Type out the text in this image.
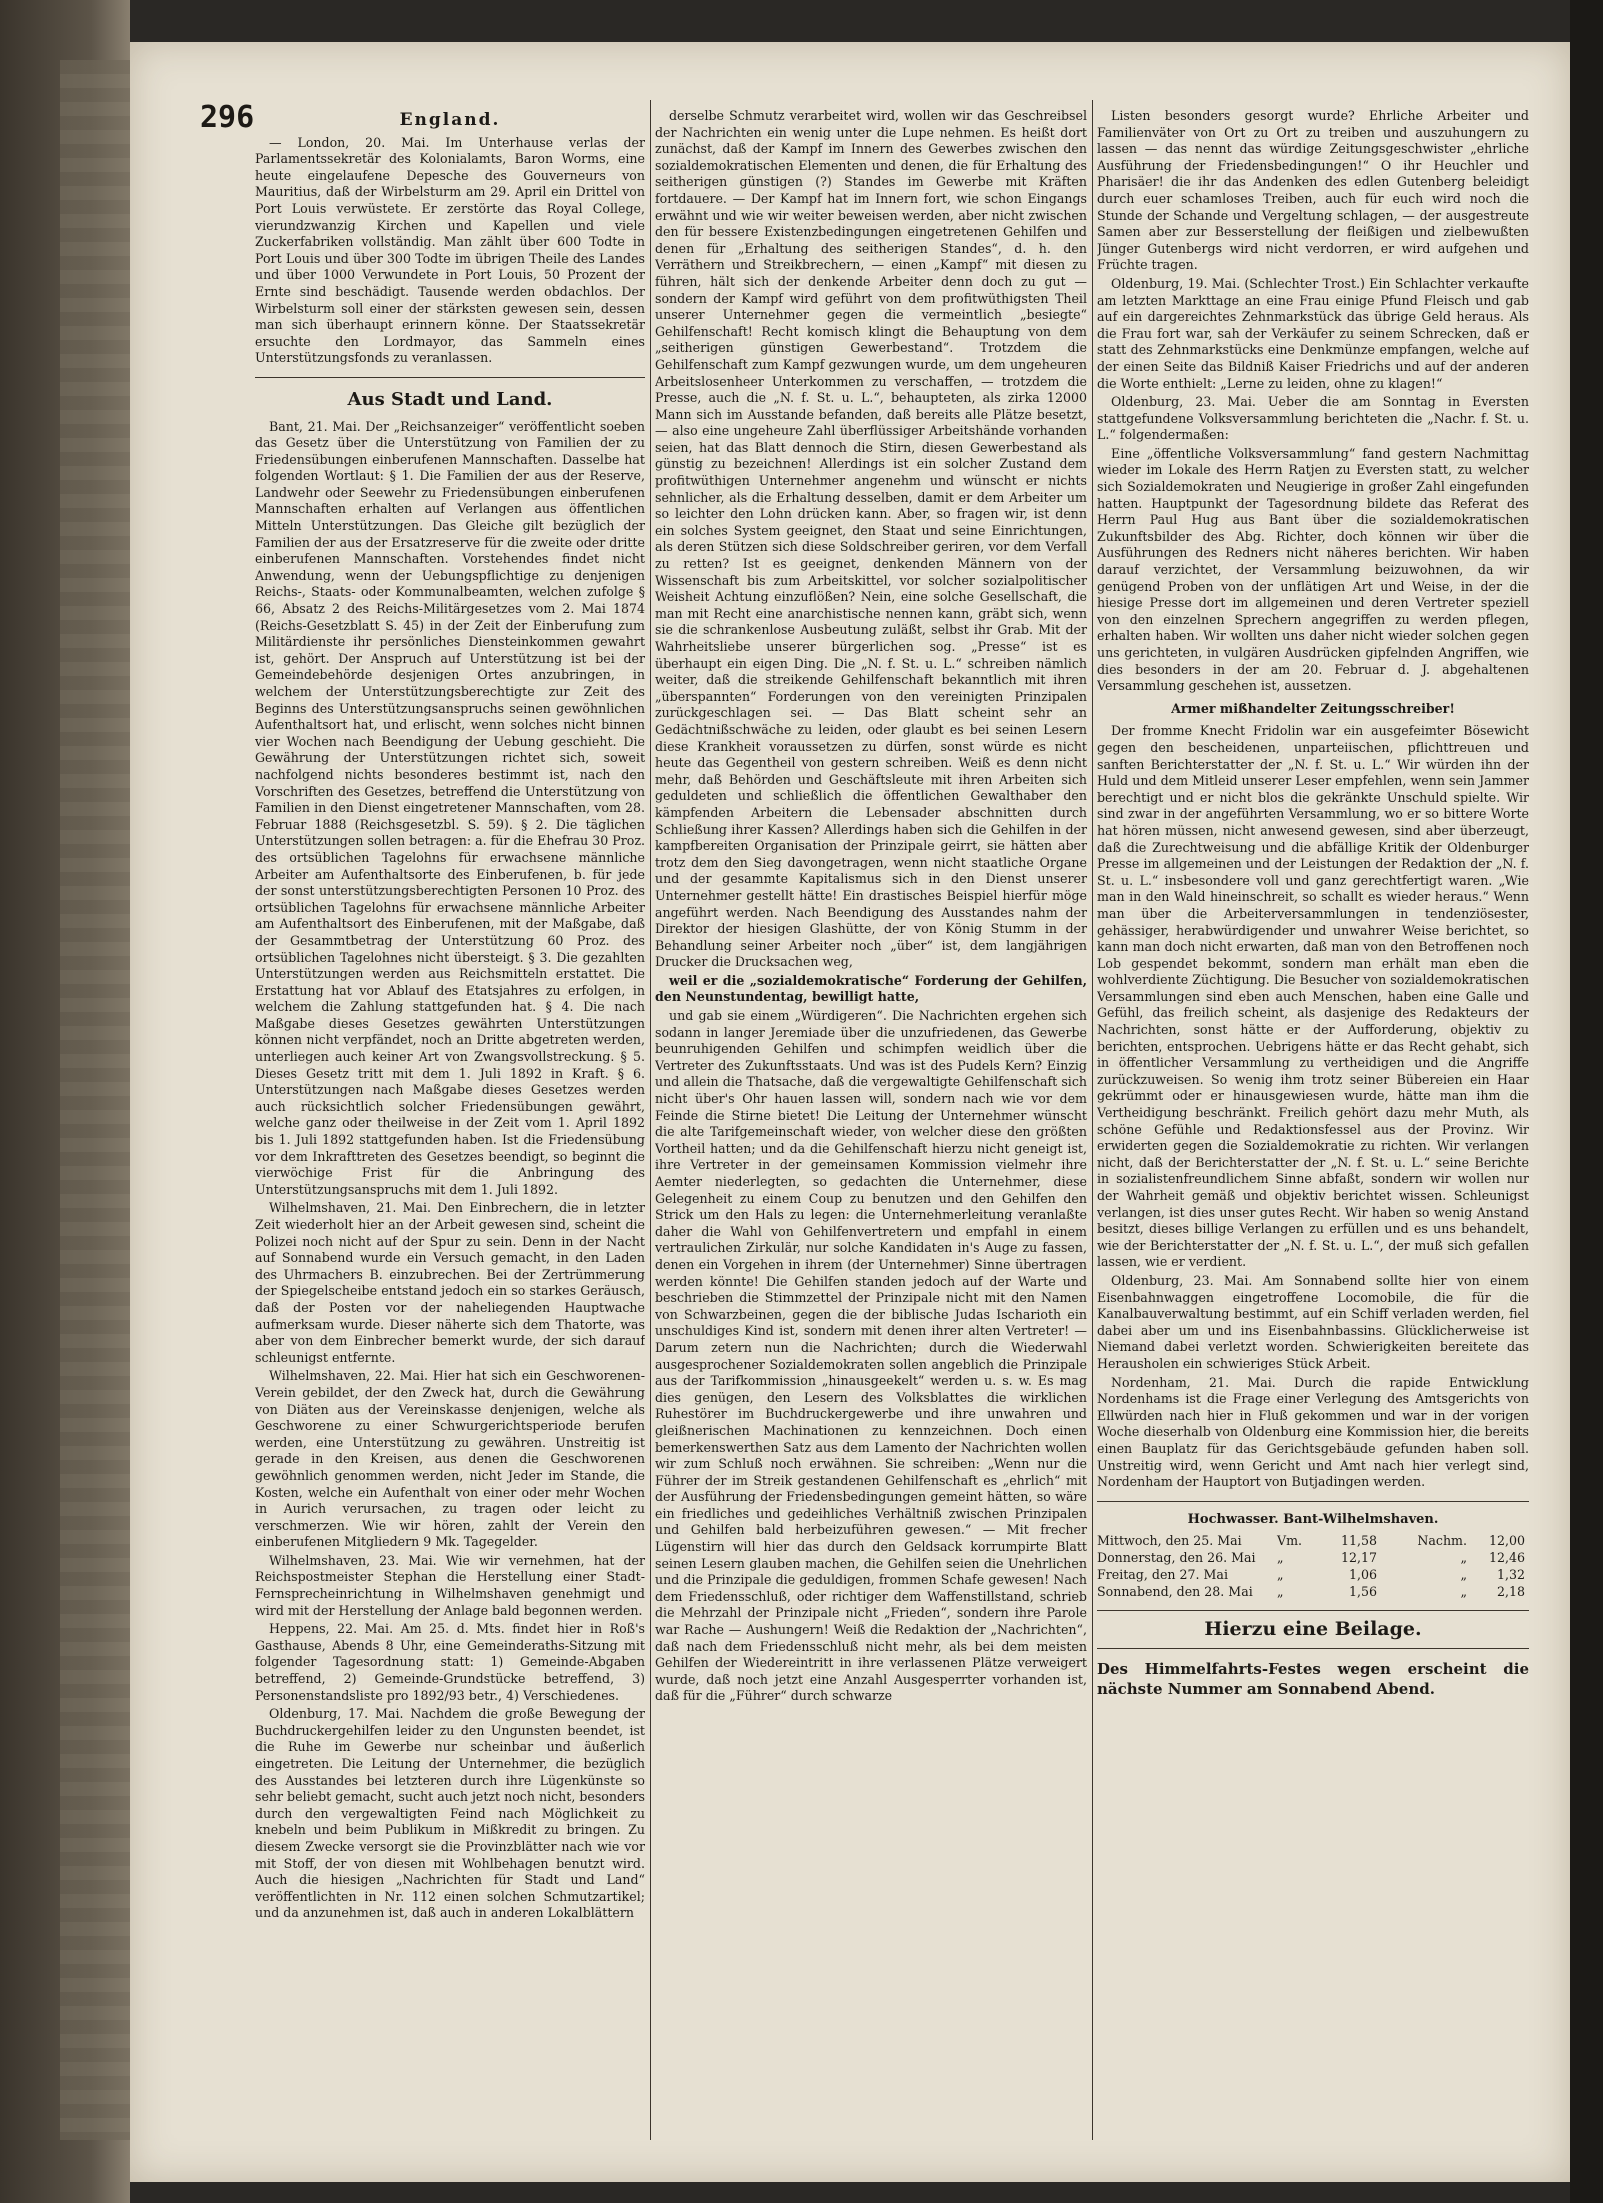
296	England.

— London, 20. Mai. Im Unterhause verlas der Parlamentssekretär des Kolonialamts, Baron Worms, eine heute eingelaufene Depesche des Gouverneurs von Mauritius, daß der Wirbelsturm am 29. April ein Drittel von Port Louis verwüstete. Er zerstörte das Royal College, vierundzwanzig Kirchen und Kapellen und viele Zuckerfabriken vollständig. Man zählt über 600 Todte in Port Louis und über 300 Todte im übrigen Theile des Landes und über 1000 Verwundete in Port Louis, 50 Prozent der Ernte sind beschädigt. Tausende werden obdachlos. Der Wirbelsturm soll einer der stärksten gewesen sein, dessen man sich überhaupt erinnern könne. Der Staatssekretär ersuchte den Lordmayor, das Sammeln eines Unterstützungsfonds zu veranlassen.

Aus Stadt und Land.

Bant, 21. Mai. Der „Reichsanzeiger“ veröffentlicht soeben das Gesetz über die Unterstützung von Familien der zu Friedensübungen einberufenen Mannschaften. Dasselbe hat folgenden Wortlaut: § 1. Die Familien der aus der Reserve, Landwehr oder Seewehr zu Friedensübungen einberufenen Mannschaften erhalten auf Verlangen aus öffentlichen Mitteln Unterstützungen. Das Gleiche gilt bezüglich der Familien der aus der Ersatzreserve für die zweite oder dritte einberufenen Mannschaften. Vorstehendes findet nicht Anwendung, wenn der Uebungspflichtige zu denjenigen Reichs-, Staats- oder Kommunalbeamten, welchen zufolge § 66, Absatz 2 des Reichs-Militärgesetzes vom 2. Mai 1874 (Reichs-Gesetzblatt S. 45) in der Zeit der Einberufung zum Militärdienste ihr persönliches Diensteinkommen gewahrt ist, gehört. Der Anspruch auf Unterstützung ist bei der Gemeindebehörde desjenigen Ortes anzubringen, in welchem der Unterstützungsberechtigte zur Zeit des Beginns des Unterstützungsanspruchs seinen gewöhnlichen Aufenthaltsort hat, und erlischt, wenn solches nicht binnen vier Wochen nach Beendigung der Uebung geschieht. Die Gewährung der Unterstützungen richtet sich, soweit nachfolgend nichts besonderes bestimmt ist, nach den Vorschriften des Gesetzes, betreffend die Unterstützung von Familien in den Dienst eingetretener Mannschaften, vom 28. Februar 1888 (Reichsgesetzbl. S. 59). § 2. Die täglichen Unterstützungen sollen betragen: a. für die Ehefrau 30 Proz. des ortsüblichen Tagelohns für erwachsene männliche Arbeiter am Aufenthaltsorte des Einberufenen, b. für jede der sonst unterstützungsberechtigten Personen 10 Proz. des ortsüblichen Tagelohns für erwachsene männliche Arbeiter am Aufenthaltsort des Einberufenen, mit der Maßgabe, daß der Gesammtbetrag der Unterstützung 60 Proz. des ortsüblichen Tagelohnes nicht übersteigt. § 3. Die gezahlten Unterstützungen werden aus Reichsmitteln erstattet. Die Erstattung hat vor Ablauf des Etatsjahres zu erfolgen, in welchem die Zahlung stattgefunden hat. § 4. Die nach Maßgabe dieses Gesetzes gewährten Unterstützungen können nicht verpfändet, noch an Dritte abgetreten werden, unterliegen auch keiner Art von Zwangsvollstreckung. § 5. Dieses Gesetz tritt mit dem 1. Juli 1892 in Kraft. § 6. Unterstützungen nach Maßgabe dieses Gesetzes werden auch rücksichtlich solcher Friedensübungen gewährt, welche ganz oder theilweise in der Zeit vom 1. April 1892 bis 1. Juli 1892 stattgefunden haben. Ist die Friedensübung vor dem Inkrafttreten des Gesetzes beendigt, so beginnt die vierwöchige Frist für die Anbringung des Unterstützungsanspruchs mit dem 1. Juli 1892.

Wilhelmshaven, 21. Mai. Den Einbrechern, die in letzter Zeit wiederholt hier an der Arbeit gewesen sind, scheint die Polizei noch nicht auf der Spur zu sein. Denn in der Nacht auf Sonnabend wurde ein Versuch gemacht, in den Laden des Uhrmachers B. einzubrechen. Bei der Zertrümmerung der Spiegelscheibe entstand jedoch ein so starkes Geräusch, daß der Posten vor der naheliegenden Hauptwache aufmerksam wurde. Dieser näherte sich dem Thatorte, was aber von dem Einbrecher bemerkt wurde, der sich darauf schleunigst entfernte.

Wilhelmshaven, 22. Mai. Hier hat sich ein Geschworenen-Verein gebildet, der den Zweck hat, durch die Gewährung von Diäten aus der Vereinskasse denjenigen, welche als Geschworene zu einer Schwurgerichtsperiode berufen werden, eine Unterstützung zu gewähren. Unstreitig ist gerade in den Kreisen, aus denen die Geschworenen gewöhnlich genommen werden, nicht Jeder im Stande, die Kosten, welche ein Aufenthalt von einer oder mehr Wochen in Aurich verursachen, zu tragen oder leicht zu verschmerzen. Wie wir hören, zahlt der Verein den einberufenen Mitgliedern 9 Mk. Tagegelder.

Wilhelmshaven, 23. Mai. Wie wir vernehmen, hat der Reichspostmeister Stephan die Herstellung einer Stadt-Fernsprecheinrichtung in Wilhelmshaven genehmigt und wird mit der Herstellung der Anlage bald begonnen werden.

Heppens, 22. Mai. Am 25. d. Mts. findet hier in Roß's Gasthause, Abends 8 Uhr, eine Gemeinderaths-Sitzung mit folgender Tagesordnung statt: 1) Gemeinde-Abgaben betreffend, 2) Gemeinde-Grundstücke betreffend, 3) Personenstandsliste pro 1892/93 betr., 4) Verschiedenes.

Oldenburg, 17. Mai. Nachdem die große Bewegung der Buchdruckergehilfen leider zu den Ungunsten beendet, ist die Ruhe im Gewerbe nur scheinbar und äußerlich eingetreten. Die Leitung der Unternehmer, die bezüglich des Ausstandes bei letzteren durch ihre Lügenkünste so sehr beliebt gemacht, sucht auch jetzt noch nicht, besonders durch den vergewaltigten Feind nach Möglichkeit zu knebeln und beim Publikum in Mißkredit zu bringen. Zu diesem Zwecke versorgt sie die Provinzblätter nach wie vor mit Stoff, der von diesen mit Wohlbehagen benutzt wird. Auch die hiesigen „Nachrichten für Stadt und Land“ veröffentlichten in Nr. 112 einen solchen Schmutzartikel; und da anzunehmen ist, daß auch in anderen Lokalblättern

derselbe Schmutz verarbeitet wird, wollen wir das Geschreibsel der Nachrichten ein wenig unter die Lupe nehmen. Es heißt dort zunächst, daß der Kampf im Innern des Gewerbes zwischen den sozialdemokratischen Elementen und denen, die für Erhaltung des seitherigen günstigen (?) Standes im Gewerbe mit Kräften fortdauere. — Der Kampf hat im Innern fort, wie schon Eingangs erwähnt und wie wir weiter beweisen werden, aber nicht zwischen den für bessere Existenzbedingungen eingetretenen Gehilfen und denen für „Erhaltung des seitherigen Standes“, d. h. den Verräthern und Streikbrechern, — einen „Kampf“ mit diesen zu führen, hält sich der denkende Arbeiter denn doch zu gut — sondern der Kampf wird geführt von dem profitwüthigsten Theil unserer Unternehmer gegen die vermeintlich „besiegte“ Gehilfenschaft! Recht komisch klingt die Behauptung von dem „seitherigen günstigen Gewerbestand“. Trotzdem die Gehilfenschaft zum Kampf gezwungen wurde, um dem ungeheuren Arbeitslosenheer Unterkommen zu verschaffen, — trotzdem die Presse, auch die „N. f. St. u. L.“, behaupteten, als zirka 12000 Mann sich im Ausstande befanden, daß bereits alle Plätze besetzt, — also eine ungeheure Zahl überflüssiger Arbeitshände vorhanden seien, hat das Blatt dennoch die Stirn, diesen Gewerbestand als günstig zu bezeichnen! Allerdings ist ein solcher Zustand dem profitwüthigen Unternehmer angenehm und wünscht er nichts sehnlicher, als die Erhaltung desselben, damit er dem Arbeiter um so leichter den Lohn drücken kann. Aber, so fragen wir, ist denn ein solches System geeignet, den Staat und seine Einrichtungen, als deren Stützen sich diese Soldschreiber geriren, vor dem Verfall zu retten? Ist es geeignet, denkenden Männern von der Wissenschaft bis zum Arbeitskittel, vor solcher sozialpolitischer Weisheit Achtung einzuflößen? Nein, eine solche Gesellschaft, die man mit Recht eine anarchistische nennen kann, gräbt sich, wenn sie die schrankenlose Ausbeutung zuläßt, selbst ihr Grab. Mit der Wahrheitsliebe unserer bürgerlichen sog. „Presse“ ist es überhaupt ein eigen Ding. Die „N. f. St. u. L.“ schreiben nämlich weiter, daß die streikende Gehilfenschaft bekanntlich mit ihren „überspannten“ Forderungen von den vereinigten Prinzipalen zurückgeschlagen sei. — Das Blatt scheint sehr an Gedächtnißschwäche zu leiden, oder glaubt es bei seinen Lesern diese Krankheit voraussetzen zu dürfen, sonst würde es nicht heute das Gegentheil von gestern schreiben. Weiß es denn nicht mehr, daß Behörden und Geschäftsleute mit ihren Arbeiten sich geduldeten und schließlich die öffentlichen Gewalthaber den kämpfenden Arbeitern die Lebensader abschnitten durch Schließung ihrer Kassen? Allerdings haben sich die Gehilfen in der kampfbereiten Organisation der Prinzipale geirrt, sie hätten aber trotz dem den Sieg davongetragen, wenn nicht staatliche Organe und der gesammte Kapitalismus sich in den Dienst unserer Unternehmer gestellt hätte! Ein drastisches Beispiel hierfür möge angeführt werden. Nach Beendigung des Ausstandes nahm der Direktor der hiesigen Glashütte, der von König Stumm in der Behandlung seiner Arbeiter noch „über“ ist, dem langjährigen Drucker die Drucksachen weg,

weil er die „sozialdemokratische“ Forderung der Gehilfen, den Neunstundentag, bewilligt hatte,

und gab sie einem „Würdigeren“. Die Nachrichten ergehen sich sodann in langer Jeremiade über die unzufriedenen, das Gewerbe beunruhigenden Gehilfen und schimpfen weidlich über die Vertreter des Zukunftsstaats. Und was ist des Pudels Kern? Einzig und allein die Thatsache, daß die vergewaltigte Gehilfenschaft sich nicht über's Ohr hauen lassen will, sondern nach wie vor dem Feinde die Stirne bietet! Die Leitung der Unternehmer wünscht die alte Tarifgemeinschaft wieder, von welcher diese den größten Vortheil hatten; und da die Gehilfenschaft hierzu nicht geneigt ist, ihre Vertreter in der gemeinsamen Kommission vielmehr ihre Aemter niederlegten, so gedachten die Unternehmer, diese Gelegenheit zu einem Coup zu benutzen und den Gehilfen den Strick um den Hals zu legen: die Unternehmerleitung veranlaßte daher die Wahl von Gehilfenvertretern und empfahl in einem vertraulichen Zirkulär, nur solche Kandidaten in's Auge zu fassen, denen ein Vorgehen in ihrem (der Unternehmer) Sinne übertragen werden könnte! Die Gehilfen standen jedoch auf der Warte und beschrieben die Stimmzettel der Prinzipale nicht mit den Namen von Schwarzbeinen, gegen die der biblische Judas Ischarioth ein unschuldiges Kind ist, sondern mit denen ihrer alten Vertreter! — Darum zetern nun die Nachrichten; durch die Wiederwahl ausgesprochener Sozialdemokraten sollen angeblich die Prinzipale aus der Tarifkommission „hinausgeekelt“ werden u. s. w. Es mag dies genügen, den Lesern des Volksblattes die wirklichen Ruhestörer im Buchdruckergewerbe und ihre unwahren und gleißnerischen Machinationen zu kennzeichnen. Doch einen bemerkenswerthen Satz aus dem Lamento der Nachrichten wollen wir zum Schluß noch erwähnen. Sie schreiben: „Wenn nur die Führer der im Streik gestandenen Gehilfenschaft es „ehrlich“ mit der Ausführung der Friedensbedingungen gemeint hätten, so wäre ein friedliches und gedeihliches Verhältniß zwischen Prinzipalen und Gehilfen bald herbeizuführen gewesen.“ — Mit frecher Lügenstirn will hier das durch den Geldsack korrumpirte Blatt seinen Lesern glauben machen, die Gehilfen seien die Unehrlichen und die Prinzipale die geduldigen, frommen Schafe gewesen! Nach dem Friedensschluß, oder richtiger dem Waffenstillstand, schrieb die Mehrzahl der Prinzipale nicht „Frieden“, sondern ihre Parole war Rache — Aushungern! Weiß die Redaktion der „Nachrichten“, daß nach dem Friedensschluß nicht mehr, als bei dem meisten Gehilfen der Wiedereintritt in ihre verlassenen Plätze verweigert wurde, daß noch jetzt eine Anzahl Ausgesperrter vorhanden ist, daß für die „Führer“ durch schwarze

Listen besonders gesorgt wurde? Ehrliche Arbeiter und Familienväter von Ort zu Ort zu treiben und auszuhungern zu lassen — das nennt das würdige Zeitungsgeschwister „ehrliche Ausführung der Friedensbedingungen!“ O ihr Heuchler und Pharisäer! die ihr das Andenken des edlen Gutenberg beleidigt durch euer schamloses Treiben, auch für euch wird noch die Stunde der Schande und Vergeltung schlagen, — der ausgestreute Samen aber zur Besserstellung der fleißigen und zielbewußten Jünger Gutenbergs wird nicht verdorren, er wird aufgehen und Früchte tragen.

Oldenburg, 19. Mai. (Schlechter Trost.) Ein Schlachter verkaufte am letzten Markttage an eine Frau einige Pfund Fleisch und gab auf ein dargereichtes Zehnmarkstück das übrige Geld heraus. Als die Frau fort war, sah der Verkäufer zu seinem Schrecken, daß er statt des Zehnmarkstücks eine Denkmünze empfangen, welche auf der einen Seite das Bildniß Kaiser Friedrichs und auf der anderen die Worte enthielt: „Lerne zu leiden, ohne zu klagen!“

Oldenburg, 23. Mai. Ueber die am Sonntag in Eversten stattgefundene Volksversammlung berichteten die „Nachr. f. St. u. L.“ folgendermaßen:

Eine „öffentliche Volksversammlung“ fand gestern Nachmittag wieder im Lokale des Herrn Ratjen zu Eversten statt, zu welcher sich Sozialdemokraten und Neugierige in großer Zahl eingefunden hatten. Hauptpunkt der Tagesordnung bildete das Referat des Herrn Paul Hug aus Bant über die sozialdemokratischen Zukunftsbilder des Abg. Richter, doch können wir über die Ausführungen des Redners nicht näheres berichten. Wir haben darauf verzichtet, der Versammlung beizuwohnen, da wir genügend Proben von der unflätigen Art und Weise, in der die hiesige Presse dort im allgemeinen und deren Vertreter speziell von den einzelnen Sprechern angegriffen zu werden pflegen, erhalten haben. Wir wollten uns daher nicht wieder solchen gegen uns gerichteten, in vulgären Ausdrücken gipfelnden Angriffen, wie dies besonders in der am 20. Februar d. J. abgehaltenen Versammlung geschehen ist, aussetzen.

Armer mißhandelter Zeitungsschreiber!

Der fromme Knecht Fridolin war ein ausgefeimter Bösewicht gegen den bescheidenen, unparteiischen, pflichttreuen und sanften Berichterstatter der „N. f. St. u. L.“ Wir würden ihn der Huld und dem Mitleid unserer Leser empfehlen, wenn sein Jammer berechtigt und er nicht blos die gekränkte Unschuld spielte. Wir sind zwar in der angeführten Versammlung, wo er so bittere Worte hat hören müssen, nicht anwesend gewesen, sind aber überzeugt, daß die Zurechtweisung und die abfällige Kritik der Oldenburger Presse im allgemeinen und der Leistungen der Redaktion der „N. f. St. u. L.“ insbesondere voll und ganz gerechtfertigt waren. „Wie man in den Wald hineinschreit, so schallt es wieder heraus.“ Wenn man über die Arbeiterversammlungen in tendenziösester, gehässiger, herabwürdigender und unwahrer Weise berichtet, so kann man doch nicht erwarten, daß man von den Betroffenen noch Lob gespendet bekommt, sondern man erhält man eben die wohlverdiente Züchtigung. Die Besucher von sozialdemokratischen Versammlungen sind eben auch Menschen, haben eine Galle und Gefühl, das freilich scheint, als dasjenige des Redakteurs der Nachrichten, sonst hätte er der Aufforderung, objektiv zu berichten, entsprochen. Uebrigens hätte er das Recht gehabt, sich in öffentlicher Versammlung zu vertheidigen und die Angriffe zurückzuweisen. So wenig ihm trotz seiner Bübereien ein Haar gekrümmt oder er hinausgewiesen wurde, hätte man ihm die Vertheidigung beschränkt. Freilich gehört dazu mehr Muth, als schöne Gefühle und Redaktionsfessel aus der Provinz. Wir erwiderten gegen die Sozialdemokratie zu richten. Wir verlangen nicht, daß der Berichterstatter der „N. f. St. u. L.“ seine Berichte in sozialistenfreundlichem Sinne abfaßt, sondern wir wollen nur der Wahrheit gemäß und objektiv berichtet wissen. Schleunigst verlangen, ist dies unser gutes Recht. Wir haben so wenig Anstand besitzt, dieses billige Verlangen zu erfüllen und es uns behandelt, wie der Berichterstatter der „N. f. St. u. L.“, der muß sich gefallen lassen, wie er verdient.

Oldenburg, 23. Mai. Am Sonnabend sollte hier von einem Eisenbahnwaggen eingetroffene Locomobile, die für die Kanalbauverwaltung bestimmt, auf ein Schiff verladen werden, fiel dabei aber um und ins Eisenbahnbassins. Glücklicherweise ist Niemand dabei verletzt worden. Schwierigkeiten bereitete das Herausholen ein schwieriges Stück Arbeit.

Nordenham, 21. Mai. Durch die rapide Entwicklung Nordenhams ist die Frage einer Verlegung des Amtsgerichts von Ellwürden nach hier in Fluß gekommen und war in der vorigen Woche dieserhalb von Oldenburg eine Kommission hier, die bereits einen Bauplatz für das Gerichtsgebäude gefunden haben soll. Unstreitig wird, wenn Gericht und Amt nach hier verlegt sind, Nordenham der Hauptort von Butjadingen werden.

Hochwasser. Bant-Wilhelmshaven.
Mittwoch, den 25. Mai	Vm.	11,58	Nachm.	12,00
Donnerstag, den 26. Mai	„	12,17	„	12,46
Freitag, den 27. Mai	„	1,06	„	1,32
Sonnabend, den 28. Mai	„	1,56	„	2,18
Hierzu eine Beilage.

Des Himmelfahrts-Festes wegen erscheint die nächste Nummer am Sonnabend Abend.
